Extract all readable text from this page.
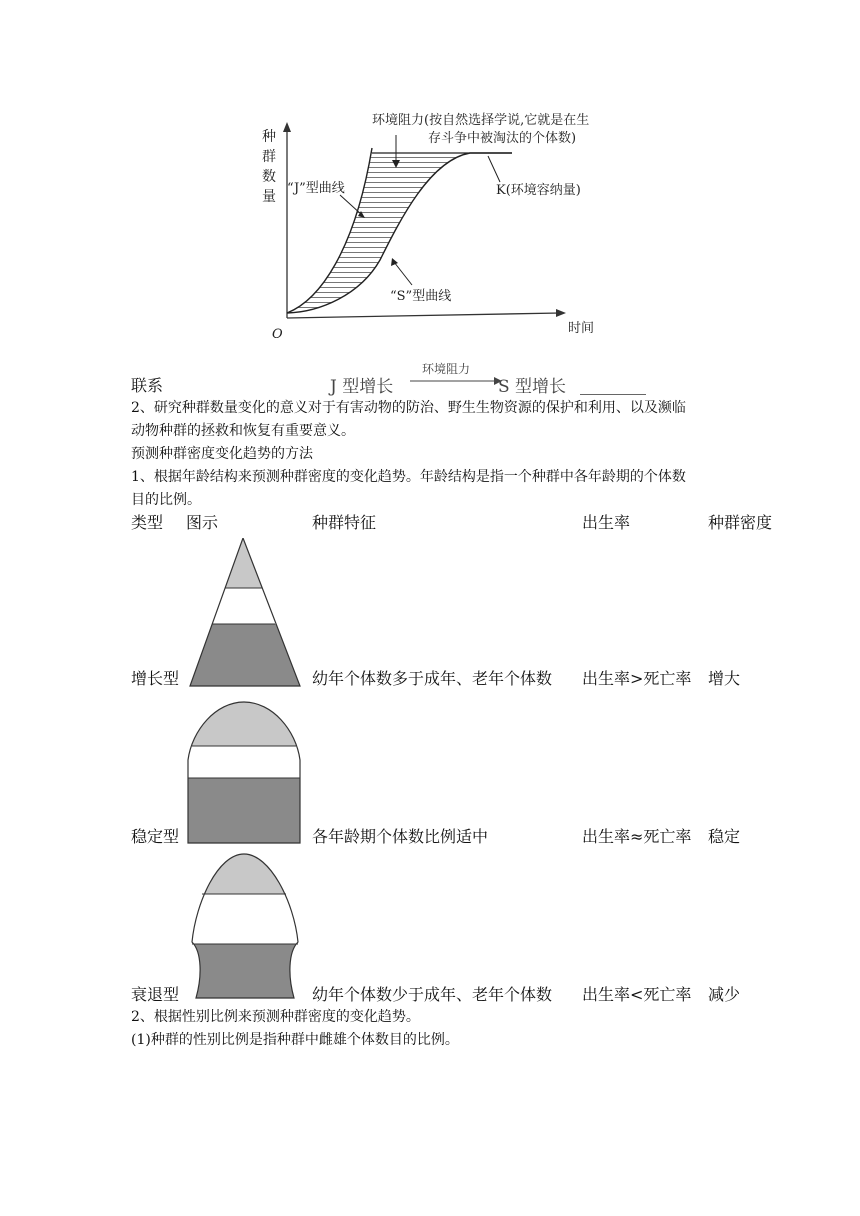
种
群
数
量
O	时间
环境阻力(按自然选择学说,它就是在生
存斗争中被淘汰的个体数)
“J”型曲线
“S”型曲线
K(环境容纳量)
联系	J 型增长
环境阻力
S 型增长
2、研究种群数量变化的意义对于有害动物的防治、野生生物资源的保护和利用、以及濒临
动物种群的拯救和恢复有重要意义。
预测种群密度变化趋势的方法
1、根据年龄结构来预测种群密度的变化趋势。年龄结构是指一个种群中各年龄期的个体数
目的比例。
类型 图示	种群特征	出生率	种群密度
增长型	幼年个体数多于成年、老年个体数 出生率>死亡率 增大
稳定型	各年龄期个体数比例适中	出生率≈死亡率 稳定
衰退型	幼年个体数少于成年、老年个体数 出生率<死亡率 减少
2、根据性别比例来预测种群密度的变化趋势。
(1)种群的性别比例是指种群中雌雄个体数目的比例。
